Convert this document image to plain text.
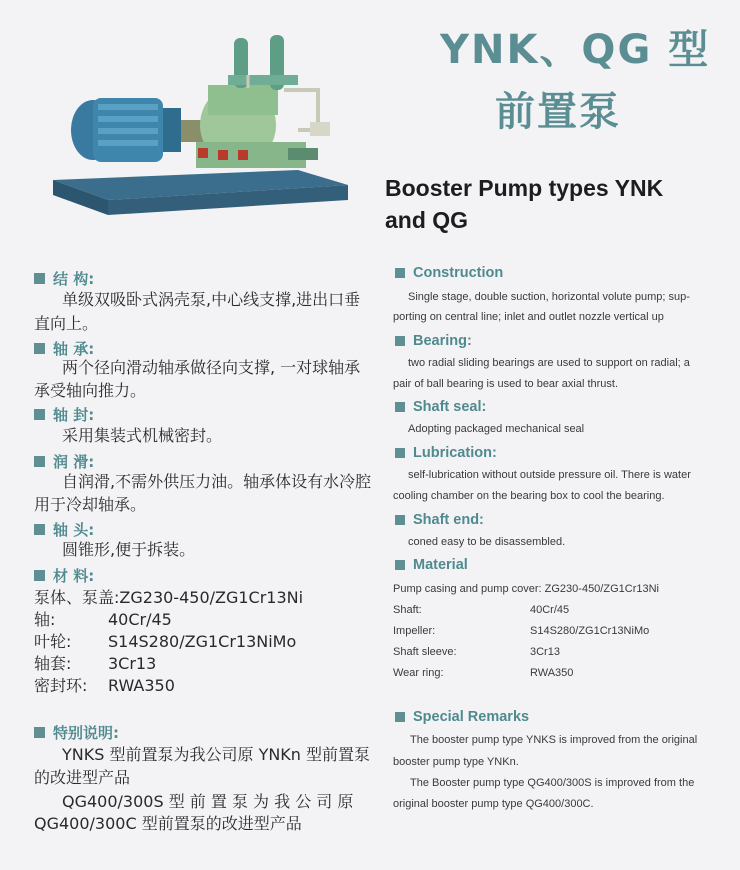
YNK、QG 型
前置泵
Booster Pump types YNK
and QG
结 构:
单级双吸卧式涡壳泵,中心线支撑,进出口垂
直向上。
轴 承:
两个径向滑动轴承做径向支撑, 一对球轴承
承受轴向推力。
轴 封:
采用集装式机械密封。
润 滑:
自润滑,不需外供压力油。轴承体设有水冷腔
用于冷却轴承。
轴 头:
圆锥形,便于拆装。
材 料:
泵体、泵盖:ZG230-450/ZG1Cr13Ni
轴:	40Cr/45
叶轮: S14S280/ZG1Cr13NiMo
轴套: 3Cr13
密封环: RWA350
特别说明:
YNKS 型前置泵为我公司原 YNKn 型前置泵
的改进型产品
QG400/300S 型 前 置 泵 为 我 公 司 原
QG400/300C 型前置泵的改进型产品
Construction
Single stage, double suction, horizontal volute pump; sup-
porting on central line; inlet and outlet nozzle vertical up
Bearing:
two radial sliding bearings are used to support on radial; a
pair of ball bearing is used to bear axial thrust.
Shaft seal:
Adopting packaged mechanical seal
Lubrication:
self-lubrication without outside pressure oil. There is water
cooling chamber on the bearing box to cool the bearing.
Shaft end:
coned easy to be disassembled.
Material
Pump casing and pump cover: ZG230-450/ZG1Cr13Ni
Shaft:	40Cr/45
Impeller:	S14S280/ZG1Cr13NiMo
Shaft sleeve:	3Cr13
Wear ring:	RWA350
Special Remarks
The booster pump type YNKS is improved from the original
booster pump type YNKn.
The Booster pump type QG400/300S is improved from the
original booster pump type QG400/300C.
